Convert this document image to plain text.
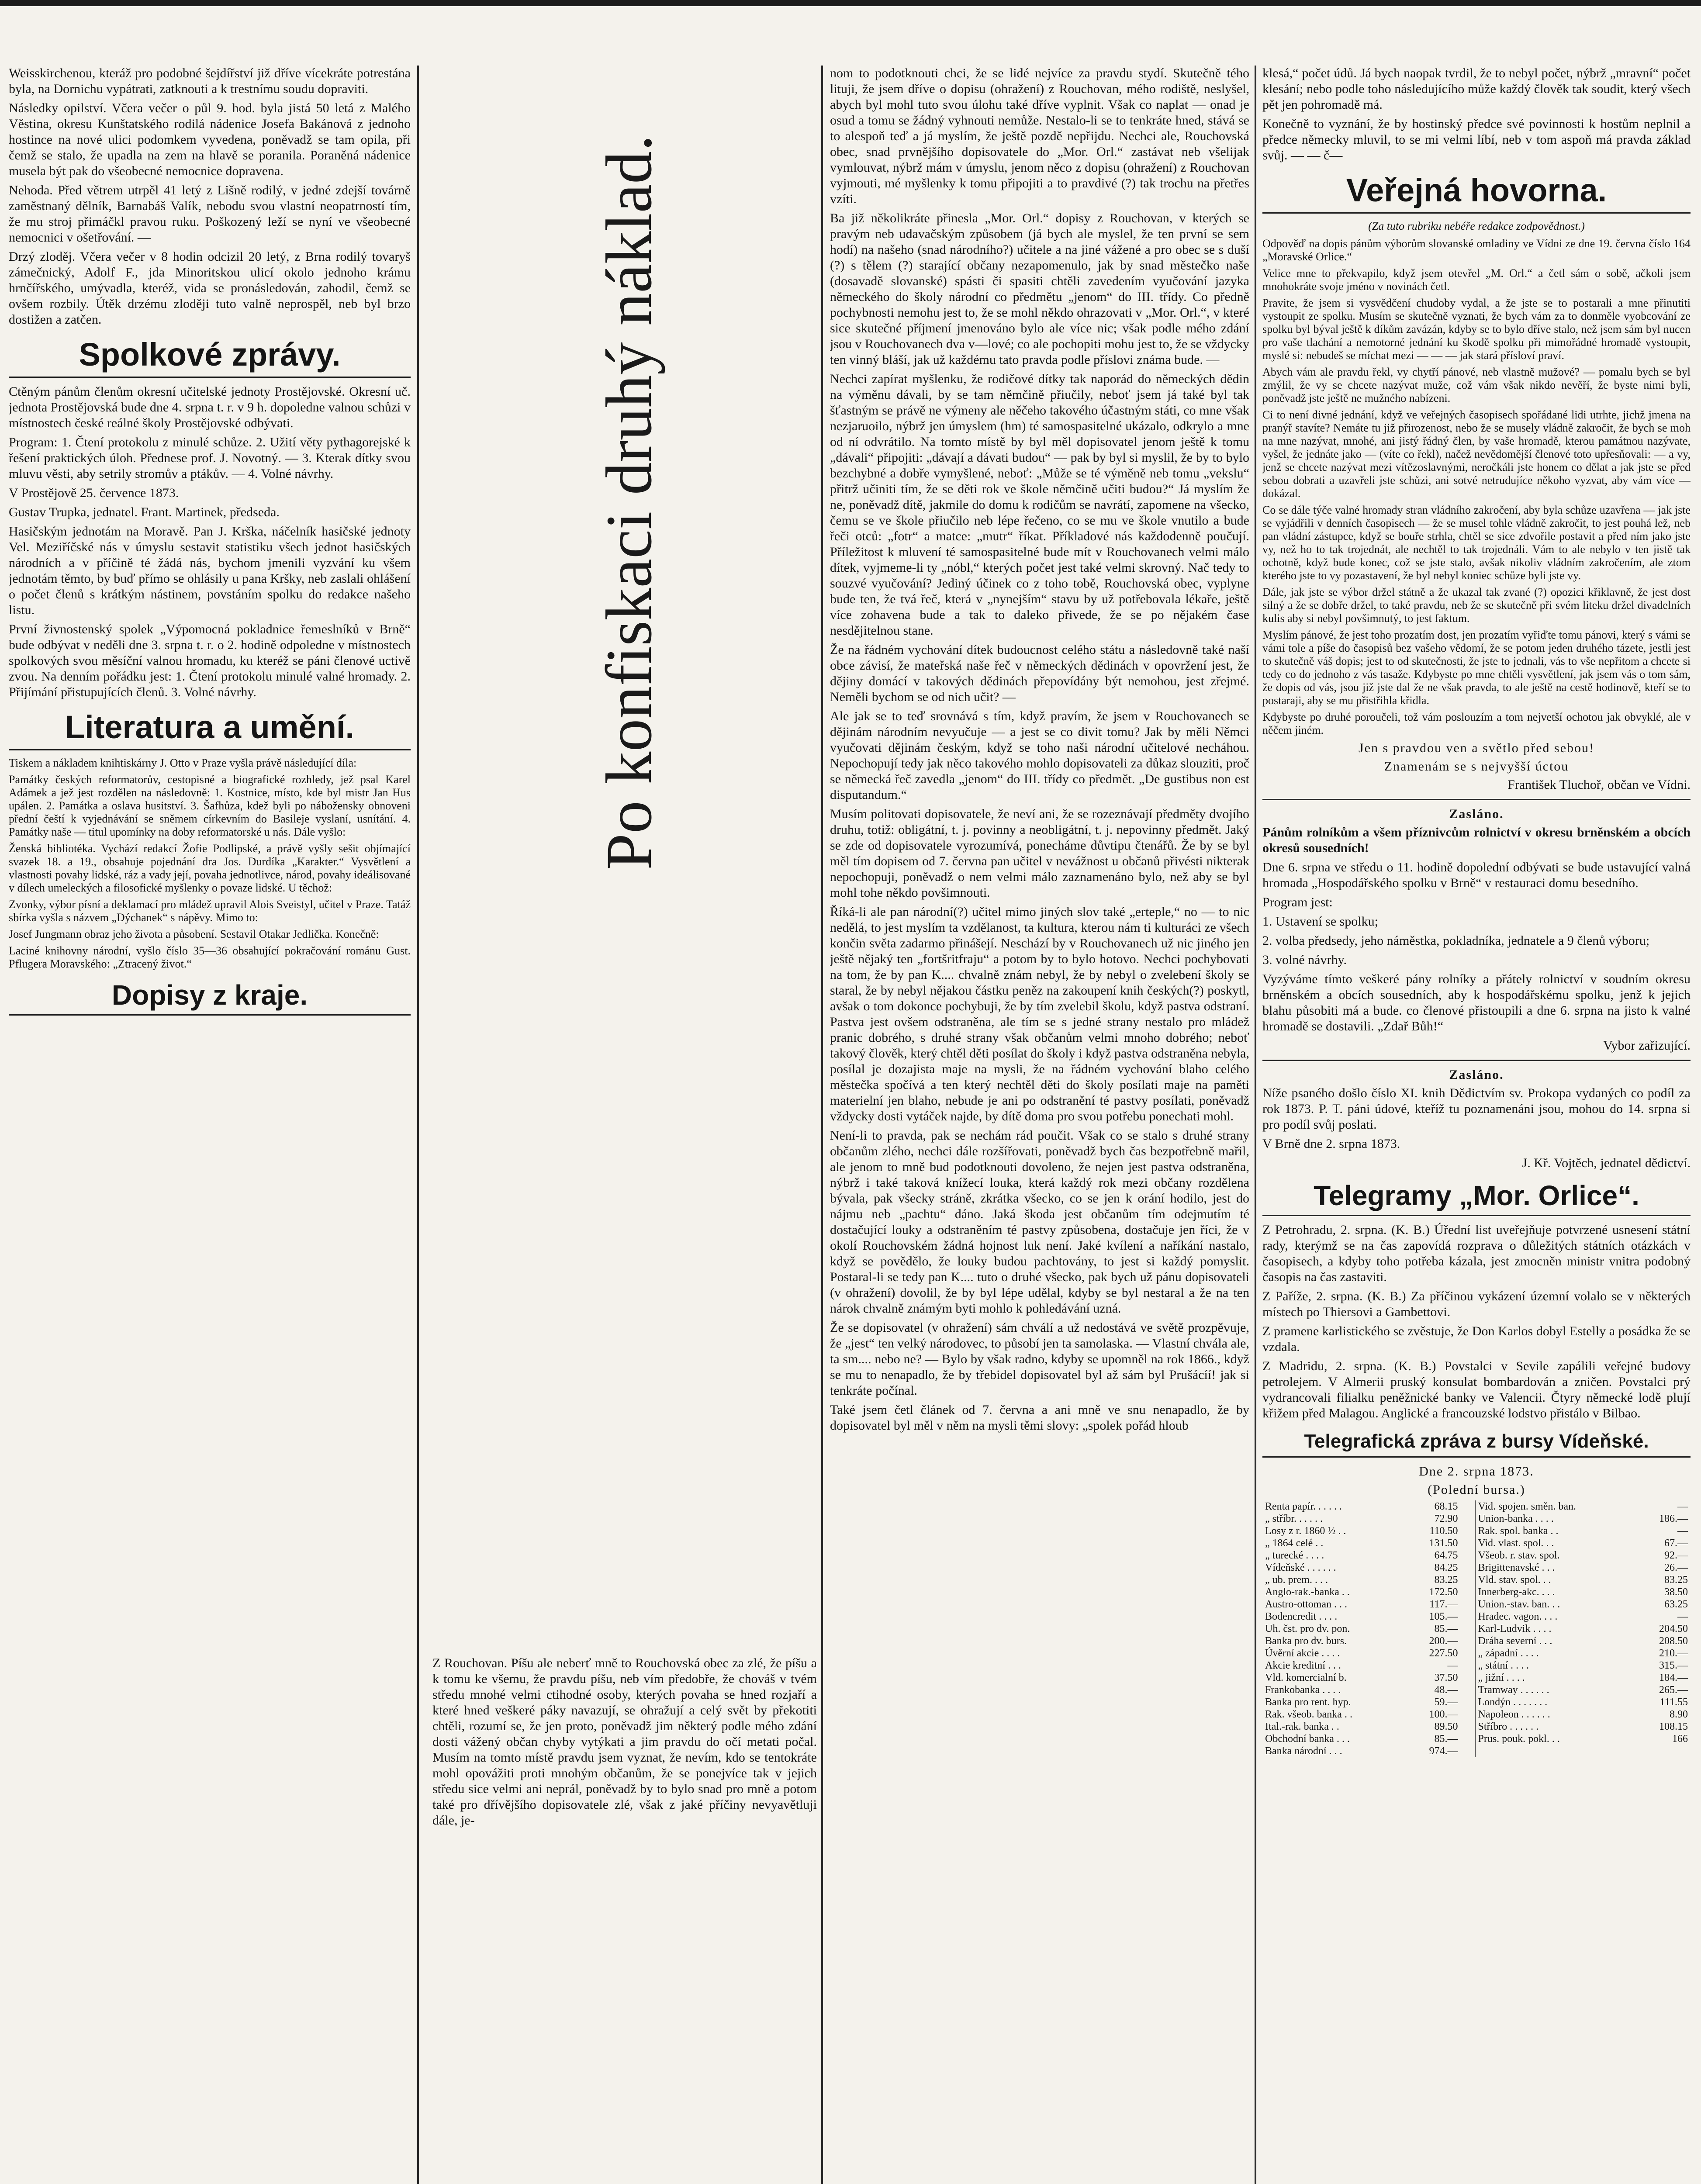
Weisskirchenou, kteráž pro podobné šejdířství již dříve vícekráte potrestána byla, na Dornichu vypátrati, zatknouti a k trestnímu soudu dopraviti.

Následky opilství. Včera večer o půl 9. hod. byla jistá 50 letá z Malého Věstina, okresu Kunštatského rodilá nádenice Josefa Bakánová z jednoho hostince na nové ulici podomkem vyvedena, poněvadž se tam opila, při čemž se stalo, že upadla na zem na hlavě se poranila. Poraněná nádenice musela být pak do všeobecné nemocnice dopravena.

Nehoda. Před větrem utrpěl 41 letý z Lišně rodilý, v jedné zdejší továrně zaměstnaný dělník, Barnabáš Valík, nebodu svou vlastní neopatrností tím, že mu stroj přimáčkl pravou ruku. Poškozený leží se nyní ve všeobecné nemocnici v ošetřování. —

Drzý zloděj. Včera večer v 8 hodin odcizil 20 letý, z Brna rodilý tovaryš zámečnický, Adolf F., jda Minoritskou ulicí okolo jednoho krámu hrnčířského, umývadla, kteréž, vida se pronásledován, zahodil, čemž se ovšem rozbily. Útěk drzému zloději tuto valně neprospěl, neb byl brzo dostižen a zatčen.

Spolkové zprávy.

Ctěným pánům členům okresní učitelské jednoty Prostějovské. Okresní uč. jednota Prostějovská bude dne 4. srpna t. r. v 9 h. dopoledne valnou schůzi v místnostech české reálné školy Prostějovské odbývati.

Program: 1. Čtení protokolu z minulé schůze. 2. Užití věty pythagorejské k řešení praktických úloh. Přednese prof. J. Novotný. — 3. Kterak dítky svou mluvu věsti, aby setrily stromův a ptákův. — 4. Volné návrhy.

V Prostějově 25. července 1873.

Gustav Trupka, jednatel. Frant. Martinek, předseda.

Hasičským jednotám na Moravě. Pan J. Krška, náčelník hasičské jednoty Vel. Meziříčské nás v úmyslu sestavit statistiku všech jednot hasičských národních a v příčině té žádá nás, bychom jmenili vyzvání ku všem jednotám těmto, by buď přímo se ohlásily u pana Kršky, neb zaslali ohlášení o počet členů s krátkým nástinem, povstáním spolku do redakce našeho listu.

První živnostenský spolek „Výpomocná pokladnice řemeslníků v Brně“ bude odbývat v neděli dne 3. srpna t. r. o 2. hodině odpoledne v místnostech spolkových svou měsíční valnou hromadu, ku kteréž se páni členové uctivě zvou. Na denním pořádku jest: 1. Čtení protokolu minulé valné hromady. 2. Přijímání přistupujících členů. 3. Volné návrhy.

Literatura a umění.

Tiskem a nákladem knihtiskárny J. Otto v Praze vyšla právě následující díla:

Památky českých reformatorův, cestopisné a biografické rozhledy, jež psal Karel Adámek a jež jest rozdělen na následovně: 1. Kostnice, místo, kde byl mistr Jan Hus upálen. 2. Památka a oslava husitství. 3. Šafhůza, kdež byli po nábožensky obnoveni přední čeští k vyjednávání se sněmem církevním do Basileje vyslaní, usnítání. 4. Památky naše — titul upomínky na doby reformatorské u nás. Dále vyšlo:

Ženská bibliotéka. Vychází redakcí Žofie Podlipské, a právě vyšly sešit objímající svazek 18. a 19., obsahuje pojednání dra Jos. Durdíka „Karakter.“ Vysvětlení a vlastnosti povahy lidské, ráz a vady její, povaha jednotlivce, národ, povahy ideálisované v dílech umeleckých a filosofické myšlenky o povaze lidské. U těchož:

Zvonky, výbor písní a deklamací pro mládež upravil Alois Sveistyl, učitel v Praze. Tatáž sbírka vyšla s názvem „Dýchanek“ s nápěvy. Mimo to:

Josef Jungmann obraz jeho života a působení. Sestavil Otakar Jedlička. Konečně:

Laciné knihovny národní, vyšlo číslo 35—36 obsahující pokračování románu Gust. Pflugera Moravského: „Ztracený život.“

Dopisy z kraje.

Z Rouchovan. Píšu ale neberť mně to Rouchovská obec za zlé, že píšu a k tomu ke všemu, že pravdu píšu, neb vím předobře, že chováš v tvém středu mnohé velmi ctihodné osoby, kterých povaha se hned rozjaří a které hned veškeré páky navazují, se ohražují a celý svět by překotiti chtěli, rozumí se, že jen proto, poněvadž jim některý podle mého zdání dosti vážený občan chyby vytýkati a jim pravdu do očí metati počal. Musím na tomto místě pravdu jsem vyznat, že nevím, kdo se tentokráte mohl opovážiti proti mnohým občanům, že se ponejvíce tak v jejich středu sice velmi ani neprál, poněvadž by to bylo snad pro mně a potom také pro dřívějšího dopisovatele zlé, však z jaké příčiny nevyavětluji dále, je-

Po konfiskaci druhý náklad.

nom to podotknouti chci, že se lidé nejvíce za pravdu stydí. Skutečně tého lituji, že jsem dříve o dopisu (ohražení) z Rouchovan, mého rodiště, neslyšel, abych byl mohl tuto svou úlohu také dříve vyplnit. Však co naplat — onad je osud a tomu se žádný vyhnouti nemůže. Nestalo-li se to tenkráte hned, stává se to alespoň teď a já myslím, že ještě pozdě nepřijdu. Nechci ale, Rouchovská obec, snad prvnějšího dopisovatele do „Mor. Orl.“ zastávat neb všelijak vymlouvat, nýbrž mám v úmyslu, jenom něco z dopisu (ohražení) z Rouchovan vyjmouti, mé myšlenky k tomu připojiti a to pravdivé (?) tak trochu na přetřes vzíti.

Ba již několikráte přinesla „Mor. Orl.“ dopisy z Rouchovan, v kterých se pravým neb udavačským způsobem (já bych ale myslel, že ten první se sem hodí) na našeho (snad národního?) učitele a na jiné vážené a pro obec se s duší (?) s tělem (?) starající občany nezapomenulo, jak by snad městečko naše (dosavadě slovanské) spásti či spasiti chtěli zavedením vyučování jazyka německého do školy národní co předmětu „jenom“ do III. třídy. Co předně pochybnosti nemohu jest to, že se mohl někdo ohrazovati v „Mor. Orl.“, v které sice skutečné příjmení jmenováno bylo ale více nic; však podle mého zdání jsou v Rouchovanech dva v—lové; co ale pochopiti mohu jest to, že se vždycky ten vinný bláší, jak už každému tato pravda podle příslovi známa bude. —

Nechci zapírat myšlenku, že rodičové dítky tak naporád do německých dědin na výměnu dávali, by se tam němčině přiučily, neboť jsem já také byl tak šťastným se právě ne výmeny ale něčeho takového účastným státi, co mne však nezjaruoilo, nýbrž jen úmyslem (hm) té samospasitelné ukázalo, odkrylo a mne od ní odvrátilo. Na tomto místě by byl měl dopisovatel jenom ještě k tomu „dávali“ připojiti: „dávají a dávati budou“ — pak by byl si myslil, že by to bylo bezchybné a dobře vymyšlené, neboť: „Může se té výměně neb tomu „vekslu“ přitrž učiniti tím, že se děti rok ve škole němčině učiti budou?“ Já myslím že ne, poněvadž dítě, jakmile do domu k rodičům se navrátí, zapomene na všecko, čemu se ve škole přiučilo neb lépe řečeno, co se mu ve škole vnutilo a bude řeči otců: „fotr“ a matce: „mutr“ říkat. Příkladové nás každodenně poučují. Příležitost k mluvení té samospasitelné bude mít v Rouchovanech velmi málo dítek, vyjmeme-li ty „nóbl,“ kterých počet jest také velmi skrovný. Nač tedy to souzvé vyučování? Jediný účinek co z toho tobě, Rouchovská obec, vyplyne bude ten, že tvá řeč, která v „nynejším“ stavu by už potřebovala lékaře, ještě více zohavena bude a tak to daleko přivede, že se po nějakém čase nesdějitelnou stane.

Že na řádném vychování dítek budoucnost celého státu a následovně také naší obce závisí, že mateřská naše řeč v německých dědinách v opovržení jest, že dějiny domácí v takových dědinách přepovídány být nemohou, jest zřejmé. Neměli bychom se od nich učit? —

Ale jak se to teď srovnává s tím, když pravím, že jsem v Rouchovanech se dějinám národním nevyučuje — a jest se co divit tomu? Jak by měli Němci vyučovati dějinám českým, když se toho naši národní učitelové necháhou. Nepochopují tedy jak něco takového mohlo dopisovateli za důkaz slouziti, proč se německá řeč zavedla „jenom“ do III. třídy co předmět. „De gustibus non est disputandum.“

Musím politovati dopisovatele, že neví ani, že se rozeznávají předměty dvojího druhu, totiž: obligátní, t. j. povinny a neobligátní, t. j. nepovinny předmět. Jaký se zde od dopisovatele vyrozumívá, ponecháme důvtipu čtenářů. Že by se byl měl tím dopisem od 7. června pan učitel v nevážnost u občanů přivésti nikterak nepochopuji, poněvadž o nem velmi málo zaznamenáno bylo, než aby se byl mohl tohe někdo povšimnouti.

Říká-li ale pan národní(?) učitel mimo jiných slov také „erteple,“ no — to nic nedělá, to jest myslím ta vzdělanost, ta kultura, kterou nám ti kulturáci ze všech končin světa zadarmo přinášejí. Neschází by v Rouchovanech už nic jiného jen ještě nějaký ten „fortšritfraju“ a potom by to bylo hotovo. Nechci pochybovati na tom, že by pan K.... chvalně znám nebyl, že by nebyl o zvelebení školy se staral, že by nebyl nějakou částku peněz na zakoupení knih českých(?) poskytl, avšak o tom dokonce pochybuji, že by tím zvelebil školu, když pastva odstraní. Pastva jest ovšem odstraněna, ale tím se s jedné strany nestalo pro mládež pranic dobrého, s druhé strany však občanům velmi mnoho dobrého; neboť takový člověk, který chtěl děti posílat do školy i když pastva odstraněna nebyla, posílal je dozajista maje na mysli, že na řádném vychování blaho celého městečka spočívá a ten který nechtěl děti do školy posílati maje na paměti materielní jen blaho, nebude je ani po odstranění té pastvy posílati, poněvadž vždycky dosti vytáček najde, by dítě doma pro svou potřebu ponechati mohl.

Není-li to pravda, pak se nechám rád poučit. Však co se stalo s druhé strany občanům zlého, nechci dále rozšířovati, poněvadž bych čas bezpotřebně mařil, ale jenom to mně bud podotknouti dovoleno, že nejen jest pastva odstraněna, nýbrž i také taková knížecí louka, která každý rok mezi občany rozdělena bývala, pak všecky stráně, zkrátka všecko, co se jen k orání hodilo, jest do nájmu neb „pachtu“ dáno. Jaká škoda jest občanům tím odejmutím té dostačující louky a odstraněním té pastvy způsobena, dostačuje jen říci, že v okolí Rouchovském žádná hojnost luk není. Jaké kvílení a naříkání nastalo, když se povědělo, že louky budou pachtovány, to jest si každý pomyslit. Postaral-li se tedy pan K.... tuto o druhé všecko, pak bych už pánu dopisovateli (v ohražení) dovolil, že by byl lépe udělal, kdyby se byl nestaral a že na ten nárok chvalně známým byti mohlo k pohledávání uzná.

Že se dopisovatel (v ohražení) sám chválí a už nedostává ve světě prozpěvuje, že „jest“ ten velký národovec, to působí jen ta samolaska. — Vlastní chvála ale, ta sm.... nebo ne? — Bylo by však radno, kdyby se upomněl na rok 1866., když se mu to nenapadlo, že by třebidel dopisovatel byl až sám byl Prušácíí! jak si tenkráte počínal.

Také jsem četl článek od 7. června a ani mně ve snu nenapadlo, že by dopisovatel byl měl v něm na mysli těmi slovy: „spolek pořád hloub

klesá,“ počet údů. Já bych naopak tvrdil, že to nebyl počet, nýbrž „mravní“ počet klesání; nebo podle toho následujícího může každý člověk tak soudit, který všech pět jen pohromadě má.

Konečně to vyznání, že by hostinský předce své povinnosti k hostům neplnil a předce německy mluvil, to se mi velmi líbí, neb v tom aspoň má pravda základ svůj. — — č—

Veřejná hovorna.
(Za tuto rubriku nebéře redakce zodpovědnost.)

Odpověď na dopis pánům výborům slovanské omladiny ve Vídni ze dne 19. června číslo 164 „Moravské Orlice.“

Velice mne to překvapilo, když jsem otevřel „M. Orl.“ a četl sám o sobě, ačkoli jsem mnohokráte svoje jméno v novinách četl.

Pravite, že jsem si vysvědčení chudoby vydal, a že jste se to postarali a mne přinutiti vystoupit ze spolku. Musím se skutečně vyznati, že bych vám za to donměle vyobcování ze spolku byl býval ještě k díkům zavázán, kdyby se to bylo dříve stalo, než jsem sám byl nucen pro vaše tlachání a nemotorné jednání ku škodě spolku při mimořádné hromadě vystoupit, myslé si: nebudeš se míchat mezi — — — jak stará přísloví praví.

Abych vám ale pravdu řekl, vy chytří pánové, neb vlastně mužové? — pomalu bych se byl zmýlil, že vy se chcete nazývat muže, což vám však nikdo nevěří, že byste nimi byli, poněvadž jste ještě ne mužného nabízeni.

Ci to není divné jednání, když ve veřejných časopisech spořádané lidi utrhte, jichž jmena na pranýř stavíte? Nemáte tu již přirozenost, nebo že se musely vládně zakročit, že bych se moh na mne nazývat, mnohé, ani jistý řádný člen, by vaše hromadě, kterou památnou nazývate, vyšel, že jednáte jako — (víte co řekl), načež nevědomější členové toto upřesňovali: — a vy, jenž se chcete nazývat mezi vítězoslavnými, neročkáli jste honem co dělat a jak jste se před sebou dobrati a uzavřeli jste schůzi, ani sotvé netrudujíce někoho vyzvat, aby vám více — dokázal.

Co se dále týče valné hromady stran vládního zakročení, aby byla schůze uzavřena — jak jste se vyjádřili v denních časopisech — že se musel tohle vládně zakročit, to jest pouhá lež, neb pan vládní zástupce, když se bouře strhla, chtěl se sice zdvořile postavit a před ním jako jste vy, než ho to tak trojednát, ale nechtěl to tak trojednáli. Vám to ale nebylo v ten jistě tak ochotně, když bude konec, což se jste stalo, avšak nikoliv vládním zakročením, ale ztom kterého jste to vy pozastavení, že byl nebyl koniec schůze byli jste vy.

Dále, jak jste se výbor držel státně a že ukazal tak zvané (?) opozici křiklavně, že jest dost silný a že se dobře držel, to také pravdu, neb že se skutečně při svém liteku držel divadelních kulis aby si nebyl povšimnutý, to jest faktum.

Myslím pánové, že jest toho prozatím dost, jen prozatím vyřiďte tomu pánovi, který s vámi se vámi tole a píše do časopisů bez vašeho vědomí, že se potom jeden druhého tázete, jestli jest to skutečně váš dopis; jest to od skutečnosti, že jste to jednali, vás to vše nepřitom a chcete si tedy co do jednoho z vás tasaže. Kdybyste po mne chtěli vysvětlení, jak jsem vás o tom sám, že dopis od vás, jsou již jste dal že ne však pravda, to ale ještě na cestě hodinově, kteří se to postaraji, aby se mu přistřihla křidla.

Kdybyste po druhé poroučeli, tož vám poslouzím a tom nejvetší ochotou jak obvyklé, ale v něčem jiném.

Jen s pravdou ven a světlo před sebou!
Znamenám se s nejvyšší úctou
František Tluchoř, občan ve Vídni.
Zasláno.

Pánům rolníkům a všem příznivcům rolnictví v okresu brněnském a obcích okresů sousedních!

Dne 6. srpna ve středu o 11. hodině dopolední odbývati se bude ustavující valná hromada „Hospodářského spolku v Brně“ v restauraci domu besedního.

Program jest:

1. Ustavení se spolku;

2. volba předsedy, jeho náměstka, pokladníka, jednatele a 9 členů výboru;

3. volné návrhy.

Vyzýváme tímto veškeré pány rolníky a přátely rolnictví v soudním okresu brněnském a obcích sousedních, aby k hospodářskému spolku, jenž k jejich blahu působiti má a bude. co členové přistoupili a dne 6. srpna na jisto k valné hromadě se dostavili. „Zdař Bůh!“

Vybor zařizující.
Zasláno.

Níže psaného došlo číslo XI. knih Dědictvím sv. Prokopa vydaných co podíl za rok 1873. P. T. páni údové, kteříž tu poznamenáni jsou, mohou do 14. srpna si pro podíl svůj poslati.

V Brně dne 2. srpna 1873.

J. Kř. Vojtěch, jednatel dědictví.
Telegramy „Mor. Orlice“.

Z Petrohradu, 2. srpna. (K. B.) Úřední list uveřejňuje potvrzené usnesení státní rady, kterýmž se na čas zapovídá rozprava o důležitých státních otázkách v časopisech, a kdyby toho potřeba kázala, jest zmocněn ministr vnitra podobný časopis na čas zastaviti.

Z Paříže, 2. srpna. (K. B.) Za příčinou vykázení územní volalo se v některých místech po Thiersovi a Gambettovi.

Z pramene karlistického se zvěstuje, že Don Karlos dobyl Estelly a posádka že se vzdala.

Z Madridu, 2. srpna. (K. B.) Povstalci v Sevile zapálili veřejné budovy petrolejem. V Almerii pruský konsulat bombardován a zničen. Povstalci prý vydrancovali filialku peněžnické banky ve Valencii. Čtyry německé lodě plují křižem před Malagou. Anglické a francouzské lodstvo přistálo v Bilbao.

Telegrafická zpráva z bursy Vídeňské.
Dne 2. srpna 1873.
(Polední bursa.)
Renta papír. . . . . .	68.15		Vid. spojen. směn. ban.	—
„ stříbr. . . . . .	72.90		Union-banka . . . .	186.—
Losy z r. 1860 ½ . .	110.50		Rak. spol. banka . .	—
„ 1864 celé . .	131.50		Vid. vlast. spol. . .	67.—
„ turecké . . . .	64.75		Všeob. r. stav. spol.	92.—
Vídeňské . . . . . .	84.25		Brigittenavské . . .	26.—
„ ub. prem. . . .	83.25		Vld. stav. spol. . .	83.25
Anglo-rak.-banka . .	172.50		Innerberg-akc. . . .	38.50
Austro-ottoman . . .	117.—		Union.-stav. ban. . .	63.25
Bodencredit . . . .	105.—		Hradec. vagon. . . .	—
Uh. čst. pro dv. pon.	85.—		Karl-Ludvik . . . .	204.50
Banka pro dv. burs.	200.—		Dráha severní . . .	208.50
Úvěrní akcie . . . .	227.50		„ západní . . . .	210.—
Akcie kreditní . . .	—		„ státní . . . .	315.—
Vld. komercialní b.	37.50		„ jižní . . . .	184.—
Frankobanka . . . .	48.—		Tramway . . . . . .	265.—
Banka pro rent. hyp.	59.—		Londýn . . . . . . .	111.55
Rak. všeob. banka . .	100.—		Napoleon . . . . . .	8.90
Ital.-rak. banka . .	89.50		Stříbro . . . . . .	108.15
Obchodní banka . . .	85.—		Prus. pouk. pokl. . .	166
Banka národní . . .	974.—			
